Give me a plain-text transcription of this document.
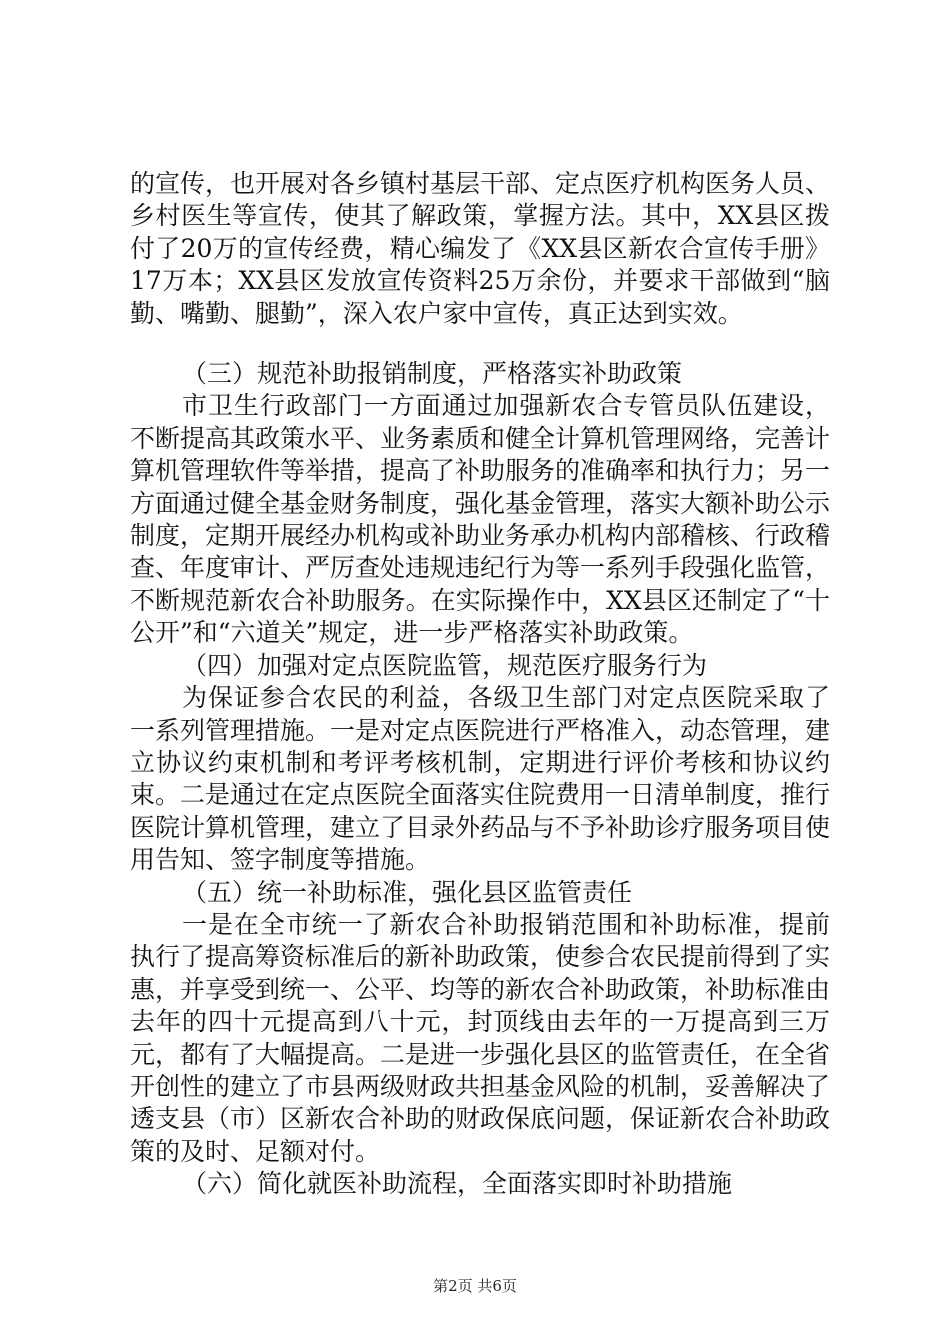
的宣传，也开展对各乡镇村基层干部、定点医疗机构医务人员、乡村医生等宣传，使其了解政策，掌握方法。其中，XX县区拨付了20万的宣传经费，精心编发了《XX县区新农合宣传手册》17万本；XX县区发放宣传资料25万余份，并要求干部做到“脑勤、嘴勤、腿勤”，深入农户家中宣传，真正达到实效。

（三）规范补助报销制度，严格落实补助政策

市卫生行政部门一方面通过加强新农合专管员队伍建设，不断提高其政策水平、业务素质和健全计算机管理网络，完善计算机管理软件等举措，提高了补助服务的准确率和执行力；另一方面通过健全基金财务制度，强化基金管理，落实大额补助公示制度，定期开展经办机构或补助业务承办机构内部稽核、行政稽查、年度审计、严厉查处违规违纪行为等一系列手段强化监管，不断规范新农合补助服务。在实际操作中，XX县区还制定了“十公开”和“六道关”规定，进一步严格落实补助政策。

（四）加强对定点医院监管，规范医疗服务行为

为保证参合农民的利益，各级卫生部门对定点医院采取了一系列管理措施。一是对定点医院进行严格准入，动态管理，建立协议约束机制和考评考核机制，定期进行评价考核和协议约束。二是通过在定点医院全面落实住院费用一日清单制度，推行医院计算机管理，建立了目录外药品与不予补助诊疗服务项目使用告知、签字制度等措施。

（五）统一补助标准，强化县区监管责任

一是在全市统一了新农合补助报销范围和补助标准，提前执行了提高筹资标准后的新补助政策，使参合农民提前得到了实惠，并享受到统一、公平、均等的新农合补助政策，补助标准由去年的四十元提高到八十元，封顶线由去年的一万提高到三万元，都有了大幅提高。二是进一步强化县区的监管责任，在全省开创性的建立了市县两级财政共担基金风险的机制，妥善解决了透支县（市）区新农合补助的财政保底问题，保证新农合补助政策的及时、足额对付。

（六）简化就医补助流程，全面落实即时补助措施

第2页 共6页
